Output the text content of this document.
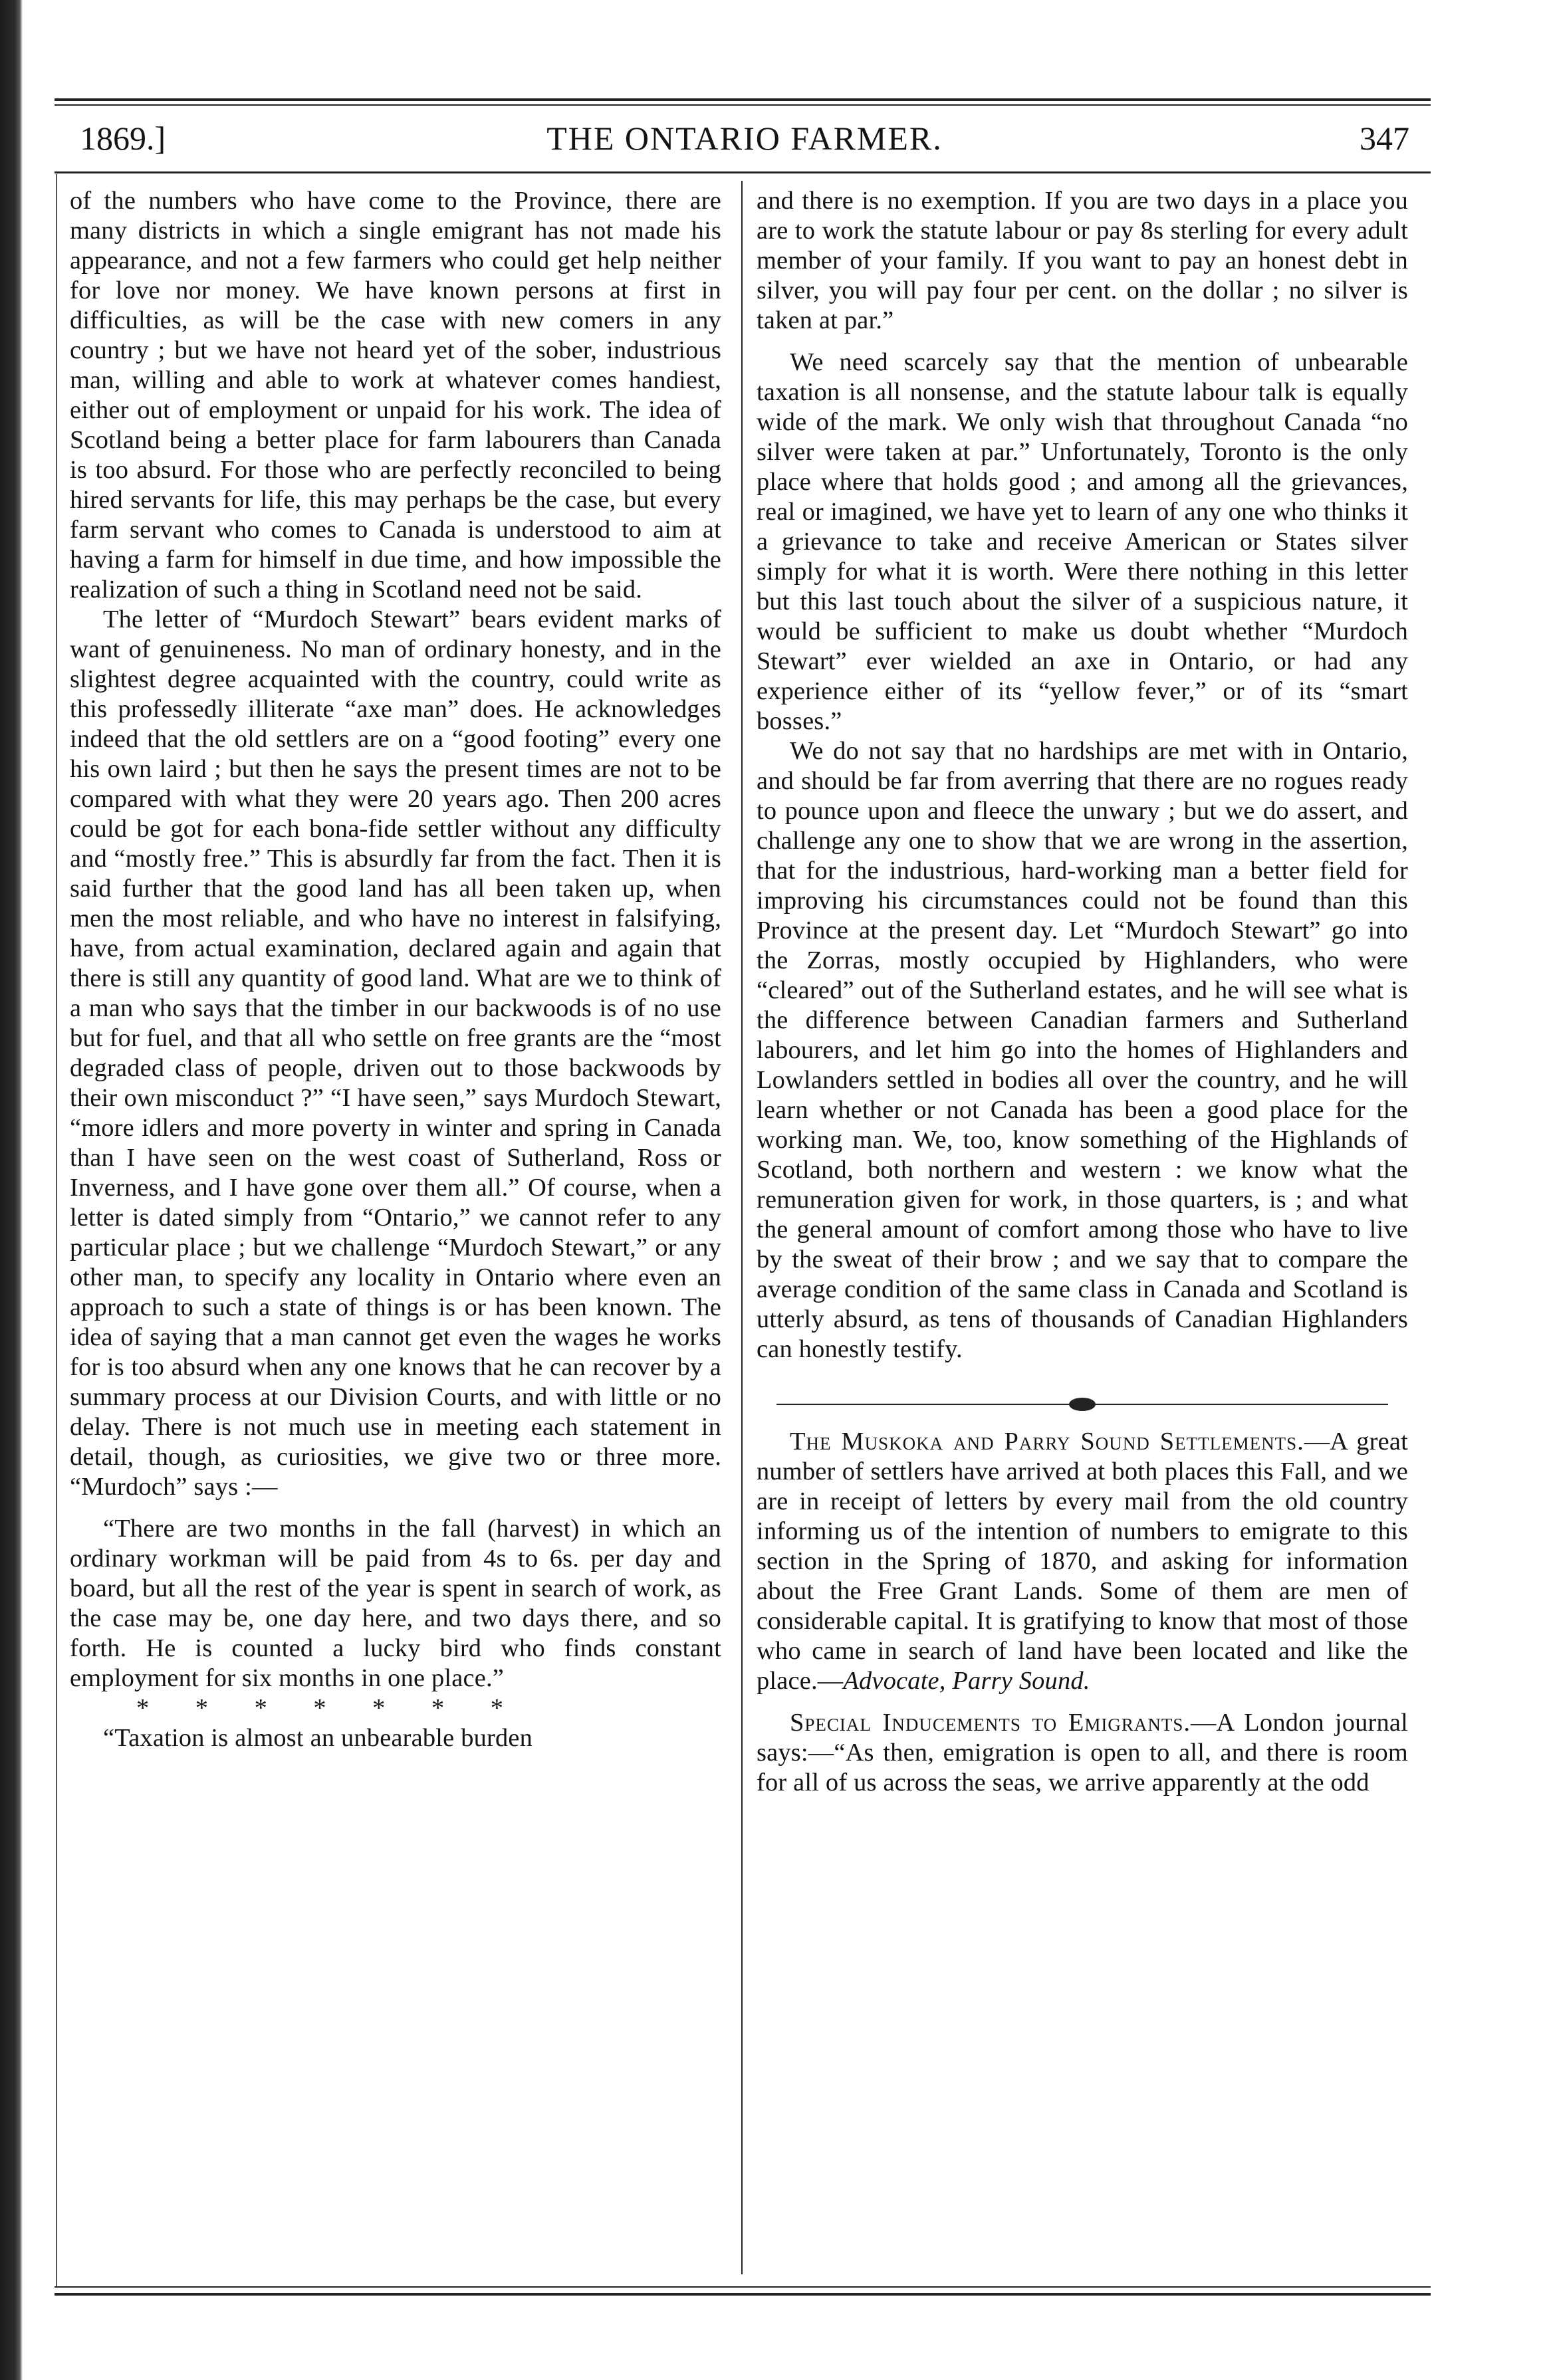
1869.]	THE ONTARIO FARMER.	347

of the numbers who have come to the Province, there are many districts in which a single emigrant has not made his appearance, and not a few farmers who could get help neither for love nor money. We have known persons at first in difficulties, as will be the case with new comers in any country ; but we have not heard yet of the sober, industrious man, willing and able to work at whatever comes handiest, either out of employment or unpaid for his work. The idea of Scotland being a better place for farm labourers than Canada is too absurd. For those who are perfectly reconciled to being hired servants for life, this may perhaps be the case, but every farm servant who comes to Canada is understood to aim at having a farm for himself in due time, and how impossible the realization of such a thing in Scotland need not be said.

The letter of “Murdoch Stewart” bears evident marks of want of genuineness. No man of ordinary honesty, and in the slightest degree acquainted with the country, could write as this professedly illiterate “axe man” does. He acknowledges indeed that the old settlers are on a “good footing” every one his own laird ; but then he says the present times are not to be compared with what they were 20 years ago. Then 200 acres could be got for each bona-fide settler without any difficulty and “mostly free.” This is absurdly far from the fact. Then it is said further that the good land has all been taken up, when men the most reliable, and who have no interest in falsifying, have, from actual examination, declared again and again that there is still any quantity of good land. What are we to think of a man who says that the timber in our backwoods is of no use but for fuel, and that all who settle on free grants are the “most degraded class of people, driven out to those backwoods by their own misconduct ?” “I have seen,” says Murdoch Stewart, “more idlers and more poverty in winter and spring in Canada than I have seen on the west coast of Sutherland, Ross or Inverness, and I have gone over them all.” Of course, when a letter is dated simply from “Ontario,” we cannot refer to any particular place ; but we challenge “Murdoch Stewart,” or any other man, to specify any locality in Ontario where even an approach to such a state of things is or has been known. The idea of saying that a man cannot get even the wages he works for is too absurd when any one knows that he can recover by a summary process at our Division Courts, and with little or no delay. There is not much use in meeting each statement in detail, though, as curiosities, we give two or three more. “Murdoch” says :—

“There are two months in the fall (harvest) in which an ordinary workman will be paid from 4s to 6s. per day and board, but all the rest of the year is spent in search of work, as the case may be, one day here, and two days there, and so forth. He is counted a lucky bird who finds constant employment for six months in one place.”

* * * * * * *

“Taxation is almost an unbearable burden

and there is no exemption. If you are two days in a place you are to work the statute labour or pay 8s sterling for every adult member of your family. If you want to pay an honest debt in silver, you will pay four per cent. on the dollar ; no silver is taken at par.”

We need scarcely say that the mention of unbearable taxation is all nonsense, and the statute labour talk is equally wide of the mark. We only wish that throughout Canada “no silver were taken at par.” Unfortunately, Toronto is the only place where that holds good ; and among all the grievances, real or imagined, we have yet to learn of any one who thinks it a grievance to take and receive American or States silver simply for what it is worth. Were there nothing in this letter but this last touch about the silver of a suspicious nature, it would be sufficient to make us doubt whether “Murdoch Stewart” ever wielded an axe in Ontario, or had any experience either of its “yellow fever,” or of its “smart bosses.”

We do not say that no hardships are met with in Ontario, and should be far from averring that there are no rogues ready to pounce upon and fleece the unwary ; but we do assert, and challenge any one to show that we are wrong in the assertion, that for the industrious, hard-working man a better field for improving his circumstances could not be found than this Province at the present day. Let “Murdoch Stewart” go into the Zorras, mostly occupied by Highlanders, who were “cleared” out of the Sutherland estates, and he will see what is the difference between Canadian farmers and Sutherland labourers, and let him go into the homes of Highlanders and Lowlanders settled in bodies all over the country, and he will learn whether or not Canada has been a good place for the working man. We, too, know something of the Highlands of Scotland, both northern and western : we know what the remuneration given for work, in those quarters, is ; and what the general amount of comfort among those who have to live by the sweat of their brow ; and we say that to compare the average condition of the same class in Canada and Scotland is utterly absurd, as tens of thousands of Canadian Highlanders can honestly testify.

The Muskoka and Parry Sound Settlements.—A great number of settlers have arrived at both places this Fall, and we are in receipt of letters by every mail from the old country informing us of the intention of numbers to emigrate to this section in the Spring of 1870, and asking for information about the Free Grant Lands. Some of them are men of considerable capital. It is gratifying to know that most of those who came in search of land have been located and like the place.—Advocate, Parry Sound.

Special Inducements to Emigrants.—A London journal says:—“As then, emigration is open to all, and there is room for all of us across the seas, we arrive apparently at the odd
